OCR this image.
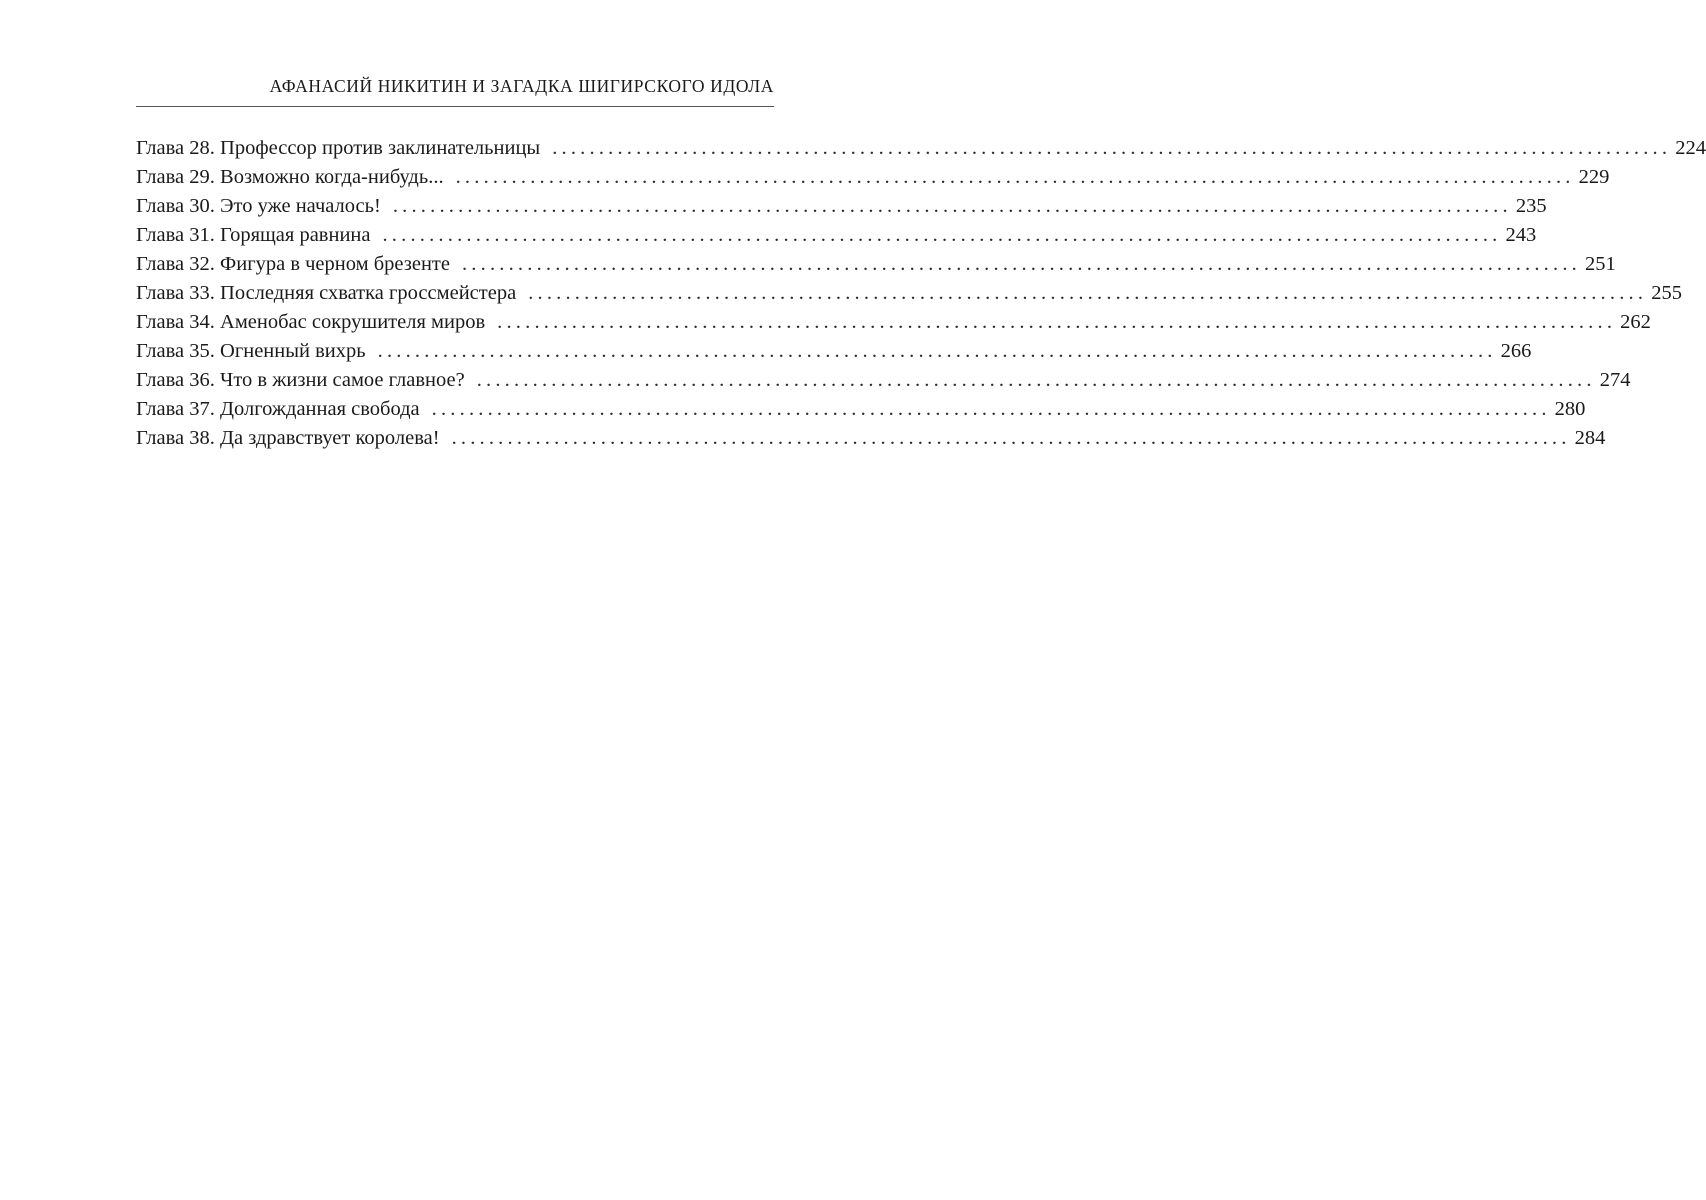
АФАНАСИЙ НИКИТИН И ЗАГАДКА ШИГИРСКОГО ИДОЛА
Глава 28. Профессор против заклинательницы ........................................................................................................................ 224
Глава 29. Возможно когда-нибудь... ........................................................................................................................ 229
Глава 30. Это уже началось! ........................................................................................................................ 235
Глава 31. Горящая равнина ........................................................................................................................ 243
Глава 32. Фигура в черном брезенте ........................................................................................................................ 251
Глава 33. Последняя схватка гроссмейстера ........................................................................................................................ 255
Глава 34. Аменобас сокрушителя миров ........................................................................................................................ 262
Глава 35. Огненный вихрь ........................................................................................................................ 266
Глава 36. Что в жизни самое главное? ........................................................................................................................ 274
Глава 37. Долгожданная свобода ........................................................................................................................ 280
Глава 38. Да здравствует королева! ........................................................................................................................ 284
